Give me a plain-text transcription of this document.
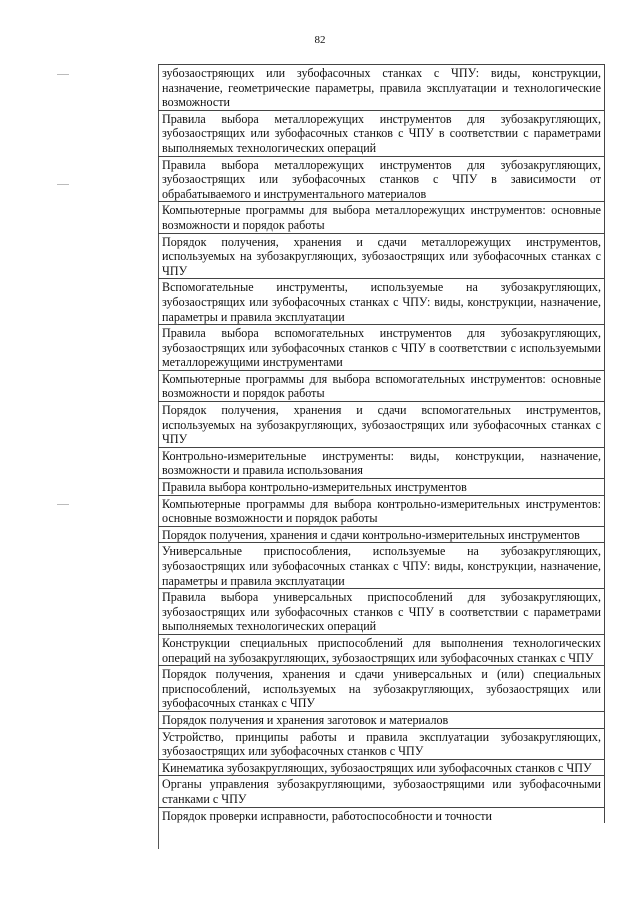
82
зубозаостряющих или зубофасочных станках с ЧПУ: виды, конструкции, назначение, геометрические параметры, правила эксплуатации и технологические возможности
Правила выбора металлорежущих инструментов для зубозакругляющих, зубозаострящих или зубофасочных станков с ЧПУ в соответствии с параметрами выполняемых технологических операций
Правила выбора металлорежущих инструментов для зубозакругляющих, зубозаострящих или зубофасочных станков с ЧПУ в зависимости от обрабатываемого и инструментального материалов
Компьютерные программы для выбора металлорежущих инструментов: основные возможности и порядок работы
Порядок получения, хранения и сдачи металлорежущих инструментов, используемых на зубозакругляющих, зубозаострящих или зубофасочных станках с ЧПУ
Вспомогательные инструменты, используемые на зубозакругляющих, зубозаострящих или зубофасочных станках с ЧПУ: виды, конструкции, назначение, параметры и правила эксплуатации
Правила выбора вспомогательных инструментов для зубозакругляющих, зубозаострящих или зубофасочных станков с ЧПУ в соответствии с используемыми металлорежущими инструментами
Компьютерные программы для выбора вспомогательных инструментов: основные возможности и порядок работы
Порядок получения, хранения и сдачи вспомогательных инструментов, используемых на зубозакругляющих, зубозаострящих или зубофасочных станках с ЧПУ
Контрольно-измерительные инструменты: виды, конструкции, назначение, возможности и правила использования
Правила выбора контрольно-измерительных инструментов
Компьютерные программы для выбора контрольно-измерительных инструментов: основные возможности и порядок работы
Порядок получения, хранения и сдачи контрольно-измерительных инструментов
Универсальные приспособления, используемые на зубозакругляющих, зубозаострящих или зубофасочных станках с ЧПУ: виды, конструкции, назначение, параметры и правила эксплуатации
Правила выбора универсальных приспособлений для зубозакругляющих, зубозаострящих или зубофасочных станков с ЧПУ в соответствии с параметрами выполняемых технологических операций
Конструкции специальных приспособлений для выполнения технологических операций на зубозакругляющих, зубозаострящих или зубофасочных станках с ЧПУ
Порядок получения, хранения и сдачи универсальных и (или) специальных приспособлений, используемых на зубозакругляющих, зубозаострящих или зубофасочных станках с ЧПУ
Порядок получения и хранения заготовок и материалов
Устройство, принципы работы и правила эксплуатации зубозакругляющих, зубозаострящих или зубофасочных станков с ЧПУ
Кинематика зубозакругляющих, зубозаострящих или зубофасочных станков с ЧПУ
Органы управления зубозакругляющими, зубозаострящими или зубофасочными станками с ЧПУ
Порядок проверки исправности, работоспособности и точности
